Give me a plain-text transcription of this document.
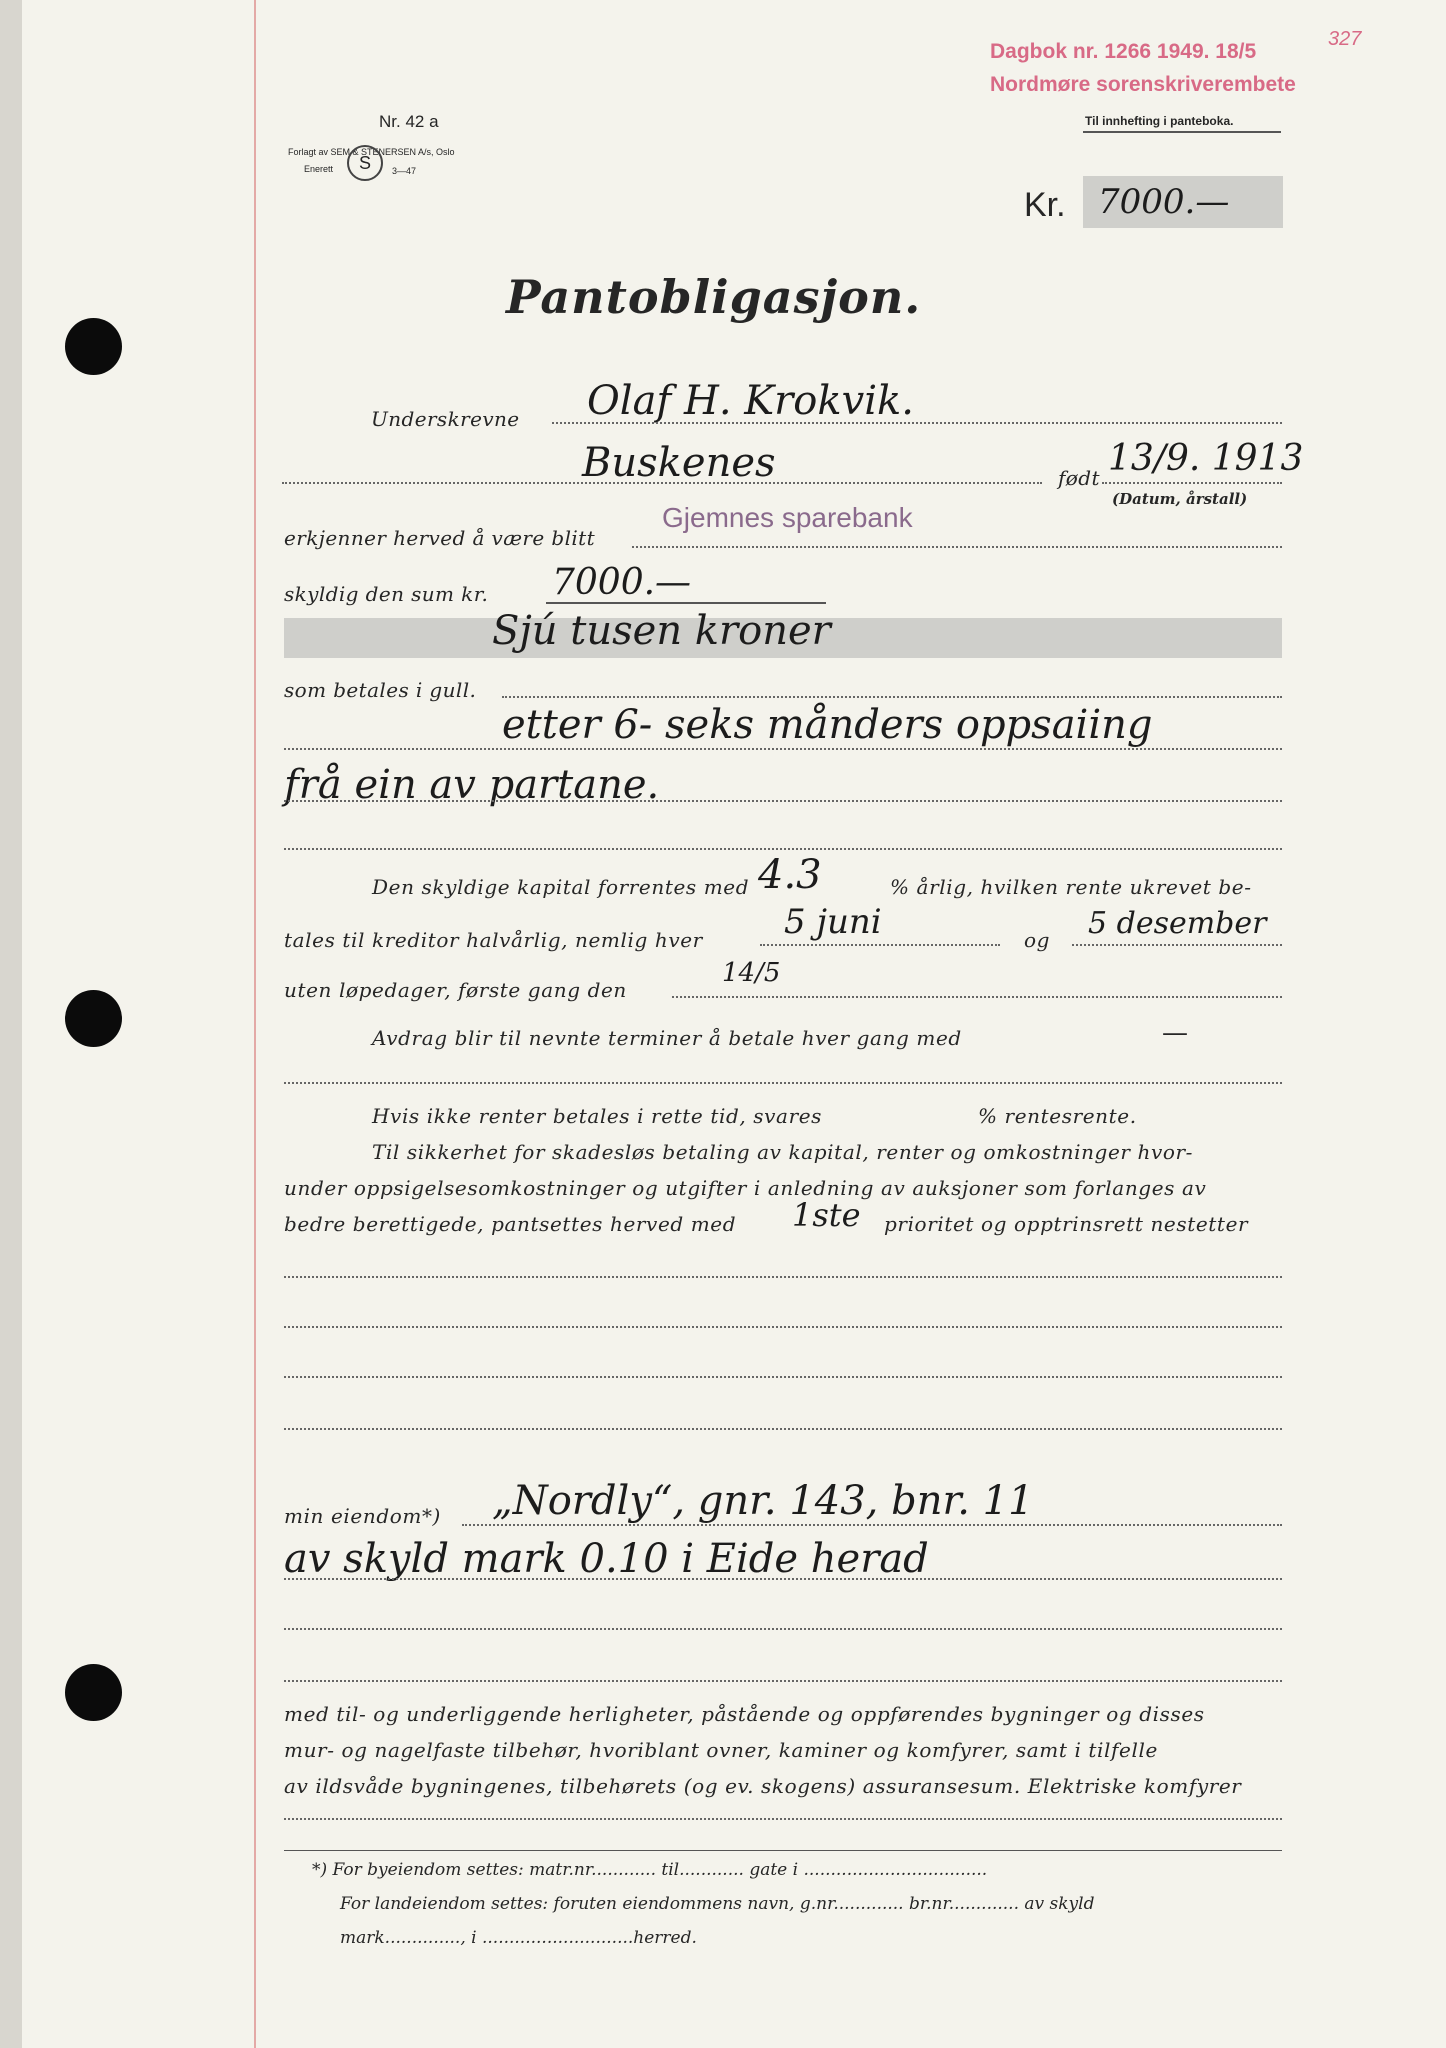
Dagbok nr. 1266 1949. 18/5
327
Nordmøre sorenskriverembete
Nr. 42 a
Forlagt av SEM & STENERSEN A/s, Oslo
Enerett	3—47
S
Til innhefting i panteboka.
Kr. 7000.—
Pantobligasjon.
Underskrevne Olaf H. Krokvik.
Buskenes	født 13/9. 1913
(Datum, årstall)
Gjemnes sparebank
erkjenner herved å være blitt
skyldig den sum kr. 7000.—
Sjú tusen kroner
som betales i gull.
etter 6- seks månders oppsaiing
frå ein av partane.
Den skyldige kapital forrentes med 4.3	% årlig, hvilken rente ukrevet be-
tales til kreditor halvårlig, nemlig hver 5 juni	og 5 desember
uten løpedager, første gang den
14/5
Avdrag blir til nevnte terminer å betale hver gang med	—
Hvis ikke renter betales i rette tid, svares	% rentesrente.
Til sikkerhet for skadesløs betaling av kapital, renter og omkostninger hvor-
under oppsigelsesomkostninger og utgifter i anledning av auksjoner som forlanges av
bedre berettigede, pantsettes herved med 1ste prioritet og opptrinsrett nestetter
min eiendom*) „Nordly“, gnr. 143, bnr. 11
av skyld mark 0.10 i Eide herad
med til- og underliggende herligheter, påstående og oppførendes bygninger og disses
mur- og nagelfaste tilbehør, hvoriblant ovner, kaminer og komfyrer, samt i tilfelle
av ildsvåde bygningenes, tilbehørets (og ev. skogens) assuransesum. Elektriske komfyrer
*) For byeiendom settes: matr.nr............ til............ gate i ..................................
For landeiendom settes: foruten eiendommens navn, g.nr............. br.nr............. av skyld
mark.............., i ............................herred.
